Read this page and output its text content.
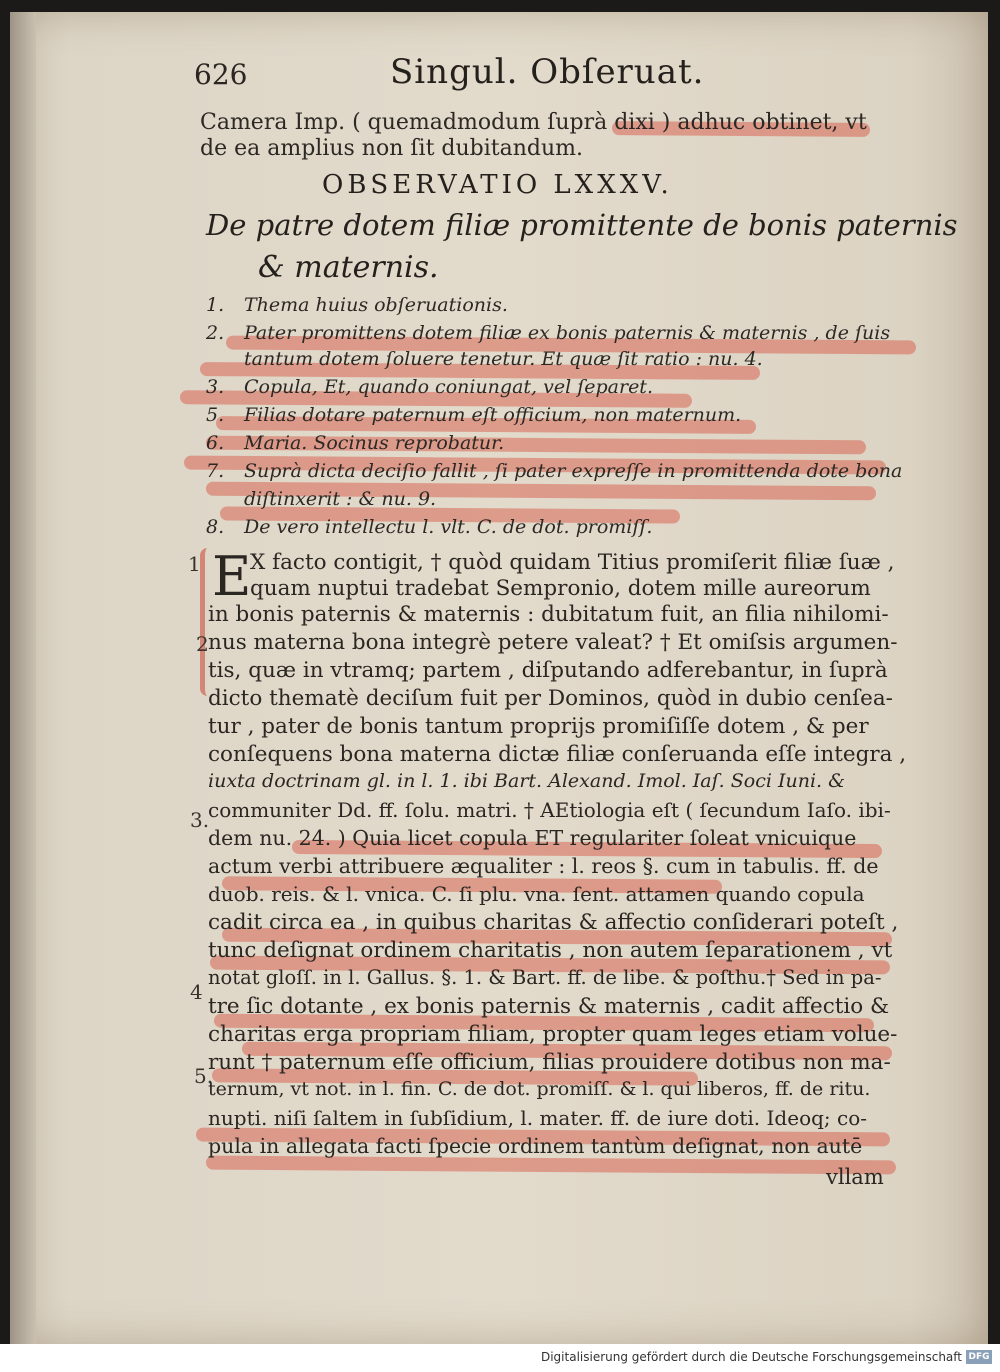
626	Singul. Obſeruat.
Camera Imp. ( quemadmodum ſuprà dixi ) adhuc obtinet, vt
de ea amplius non ſit dubitandum.
OBSERVATIO LXXXV.
De patre dotem filiæ promittente de bonis paternis
& maternis.
1. Thema huius obſeruationis.
2. Pater promittens dotem filiæ ex bonis paternis & maternis , de ſuis
tantum dotem ſoluere tenetur. Et quæ ſit ratio : nu. 4.
3. Copula, Et, quando coniungat, vel ſeparet.
5. Filias dotare paternum eſt officium, non maternum.
6. Maria. Socinus reprobatur.
7. Suprà dicta deciſio fallit , ſi pater expreſſe in promittenda dote bona
diſtinxerit : & nu. 9.
8. De vero intellectu l. vlt. C. de dot. promiſſ.
E
X facto contigit, † quòd quidam Titius promiſerit filiæ ſuæ ,
quam nuptui tradebat Sempronio, dotem mille aureorum
in bonis paternis & maternis : dubitatum fuit, an filia nihilomi-
nus materna bona integrè petere valeat? † Et omiſsis argumen-
tis, quæ in vtramq; partem , diſputando adferebantur, in ſuprà
dicto thematè deciſum fuit per Dominos, quòd in dubio cenſea-
tur , pater de bonis tantum proprijs promiſiſſe dotem , & per
conſequens bona materna dictæ filiæ conſeruanda eſſe integra ,
iuxta doctrinam gl. in l. 1. ibi Bart. Alexand. Imol. Iaſ. Soci Iuni. &
communiter Dd. ff. ſolu. matri. † AEtiologia eſt ( ſecundum Iaſo. ibi-
dem nu. 24. ) Quia licet copula ET regulariter ſoleat vnicuique
actum verbi attribuere æqualiter : l. reos §. cum in tabulis. ff. de
duob. reis. & l. vnica. C. ſi plu. vna. ſent. attamen quando copula
cadit circa ea , in quibus charitas & affectio conſiderari poteſt ,
tunc deſignat ordinem charitatis , non autem ſeparationem , vt
notat gloſſ. in l. Gallus. §. 1. & Bart. ff. de libe. & poſthu.† Sed in pa-
tre ſic dotante , ex bonis paternis & maternis , cadit affectio &
charitas erga propriam filiam, propter quam leges etiam volue-
runt † paternum eſſe officium, filias prouidere dotibus non ma-
ternum, vt not. in l. fin. C. de dot. promiſſ. & l. qui liberos, ff. de ritu.
nupti. niſi ſaltem in ſubſidium, l. mater. ff. de iure doti. Ideoq; co-
pula in allegata facti ſpecie ordinem tantùm deſignat, non autē
1
2
3.
4
5.
vllam
Digitalisierung gefördert durch die Deutsche Forschungsgemeinschaft DFG
